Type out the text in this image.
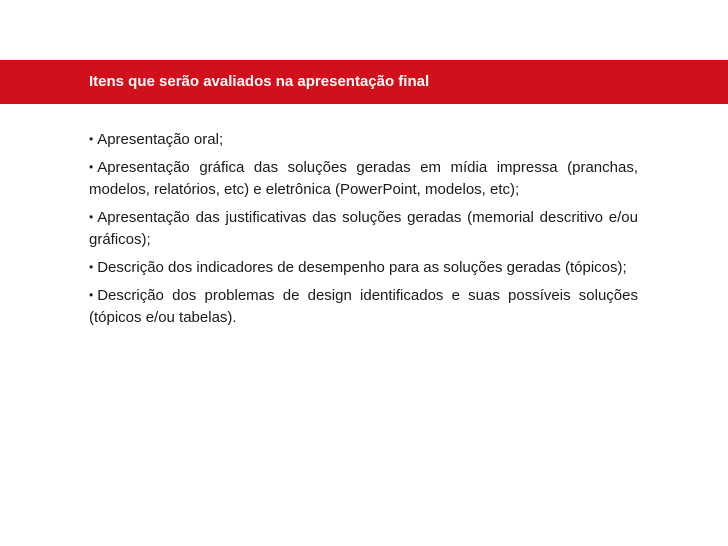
Itens que serão avaliados na apresentação final
• Apresentação oral;
• Apresentação gráfica das soluções geradas em mídia impressa (pranchas, modelos, relatórios, etc) e eletrônica (PowerPoint, modelos, etc);
• Apresentação das justificativas das soluções geradas (memorial descritivo e/ou gráficos);
• Descrição dos indicadores de desempenho para as soluções geradas (tópicos);
• Descrição dos problemas de design identificados e suas possíveis soluções (tópicos e/ou tabelas).
